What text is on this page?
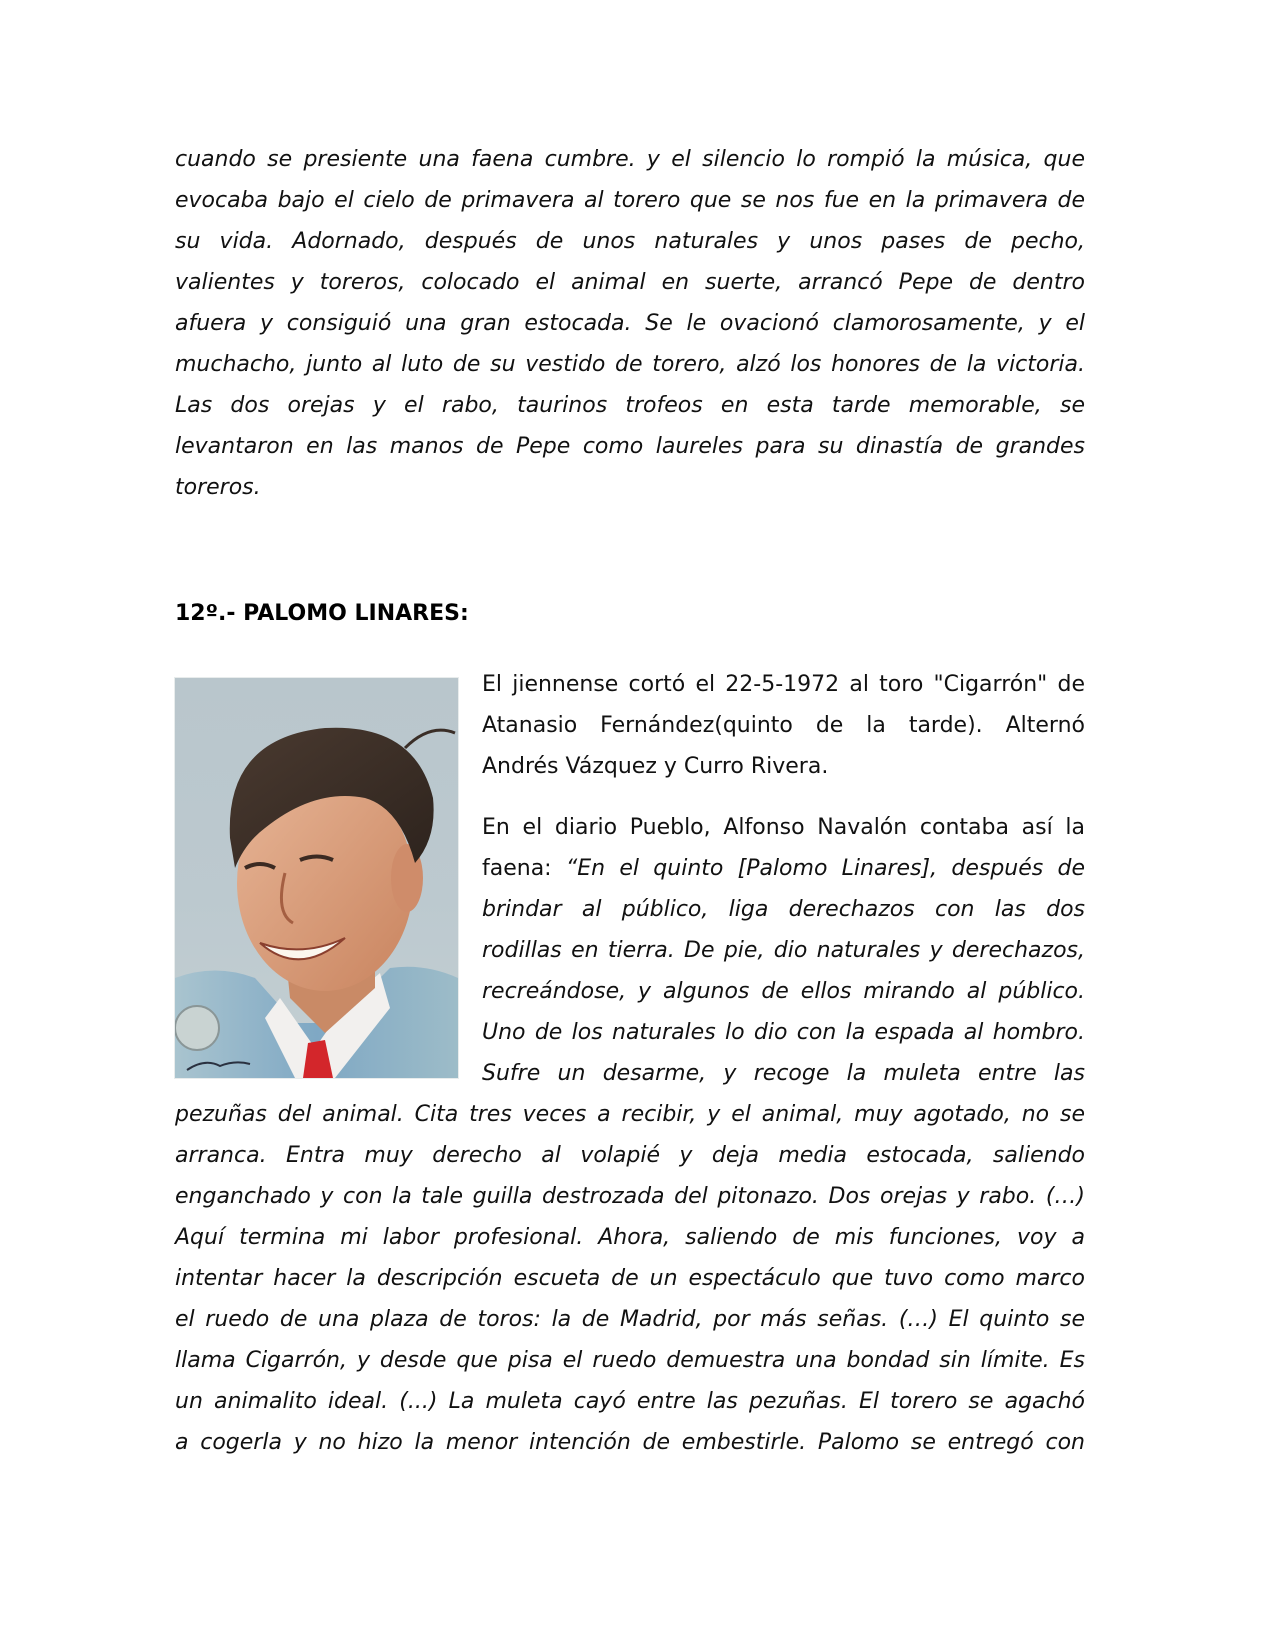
cuando se presiente una faena cumbre. y el silencio lo rompió la música, que
evocaba bajo el cielo de primavera al torero que se nos fue en la primavera de
su vida. Adornado, después de unos naturales y unos pases de pecho,
valientes y toreros, colocado el animal en suerte, arrancó Pepe de dentro
afuera y consiguió una gran estocada. Se le ovacionó clamorosamente, y el
muchacho, junto al luto de su vestido de torero, alzó los honores de la victoria.
Las dos orejas y el rabo, taurinos trofeos en esta tarde memorable, se
levantaron en las manos de Pepe como laureles para su dinastía de grandes
toreros.
12º.- PALOMO LINARES:
El jiennense cortó el 22-5-1972 al toro "Cigarrón" de
Atanasio Fernández(quinto de la tarde). Alternó
Andrés Vázquez y Curro Rivera.
En el diario Pueblo, Alfonso Navalón contaba así la
faena: “En el quinto [Palomo Linares], después de
brindar al público, liga derechazos con las dos
rodillas en tierra. De pie, dio naturales y derechazos,
recreándose, y algunos de ellos mirando al público.
Uno de los naturales lo dio con la espada al hombro.
Sufre un desarme, y recoge la muleta entre las
pezuñas del animal. Cita tres veces a recibir, y el animal, muy agotado, no se
arranca. Entra muy derecho al volapié y deja media estocada, saliendo
enganchado y con la tale guilla destrozada del pitonazo. Dos orejas y rabo. (…)
Aquí termina mi labor profesional. Ahora, saliendo de mis funciones, voy a
intentar hacer la descripción escueta de un espectáculo que tuvo como marco
el ruedo de una plaza de toros: la de Madrid, por más señas. (…) El quinto se
llama Cigarrón, y desde que pisa el ruedo demuestra una bondad sin límite. Es
un animalito ideal. (...) La muleta cayó entre las pezuñas. El torero se agachó
a cogerla y no hizo la menor intención de embestirle. Palomo se entregó con
